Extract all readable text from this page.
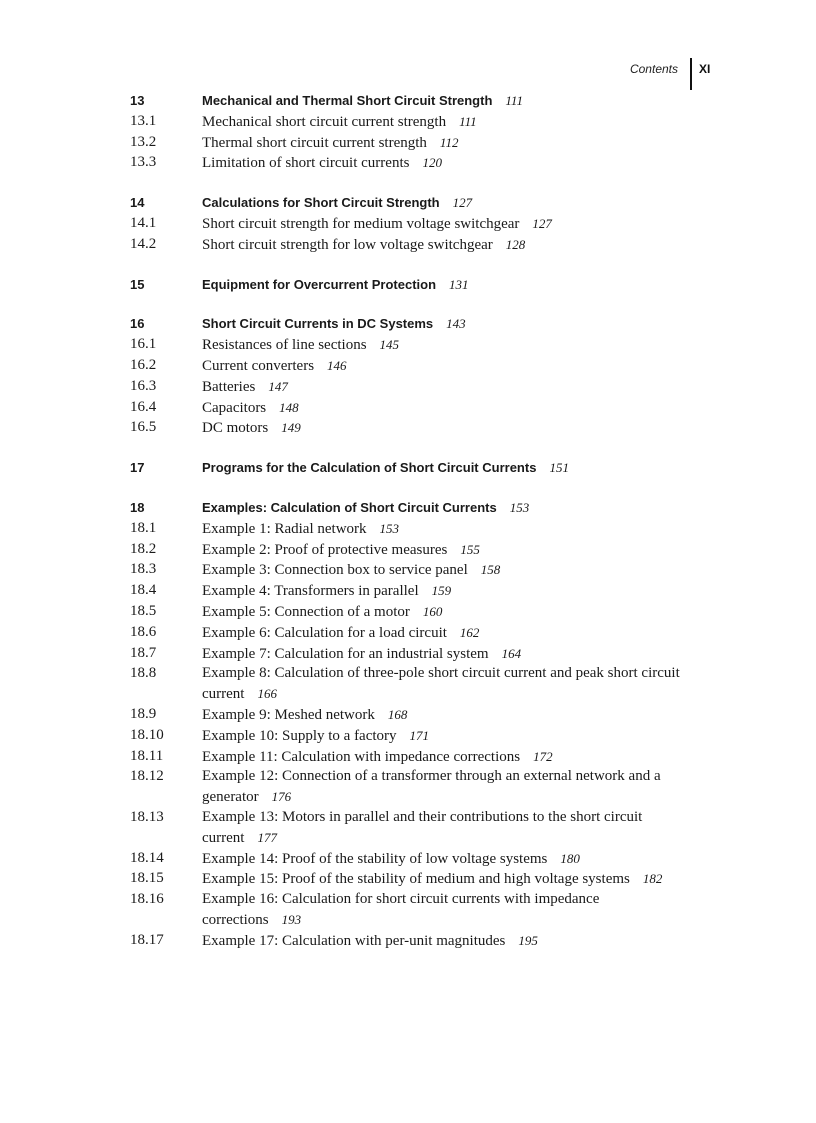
Contents XI
13	Mechanical and Thermal Short Circuit Strength 111
13.1	Mechanical short circuit current strength 111
13.2	Thermal short circuit current strength 112
13.3	Limitation of short circuit currents 120
14	Calculations for Short Circuit Strength 127
14.1	Short circuit strength for medium voltage switchgear 127
14.2	Short circuit strength for low voltage switchgear 128
15	Equipment for Overcurrent Protection 131
16	Short Circuit Currents in DC Systems 143
16.1	Resistances of line sections 145
16.2	Current converters 146
16.3	Batteries 147
16.4	Capacitors 148
16.5	DC motors 149
17	Programs for the Calculation of Short Circuit Currents 151
18	Examples: Calculation of Short Circuit Currents 153
18.1	Example 1: Radial network 153
18.2	Example 2: Proof of protective measures 155
18.3	Example 3: Connection box to service panel 158
18.4	Example 4: Transformers in parallel 159
18.5	Example 5: Connection of a motor 160
18.6	Example 6: Calculation for a load circuit 162
18.7	Example 7: Calculation for an industrial system 164
18.8	Example 8: Calculation of three-pole short circuit current and peak short circuit current 166
18.9	Example 9: Meshed network 168
18.10	Example 10: Supply to a factory 171
18.11	Example 11: Calculation with impedance corrections 172
18.12	Example 12: Connection of a transformer through an external network and a generator 176
18.13	Example 13: Motors in parallel and their contributions to the short circuit current 177
18.14	Example 14: Proof of the stability of low voltage systems 180
18.15	Example 15: Proof of the stability of medium and high voltage systems 182
18.16	Example 16: Calculation for short circuit currents with impedance corrections 193
18.17	Example 17: Calculation with per-unit magnitudes 195
